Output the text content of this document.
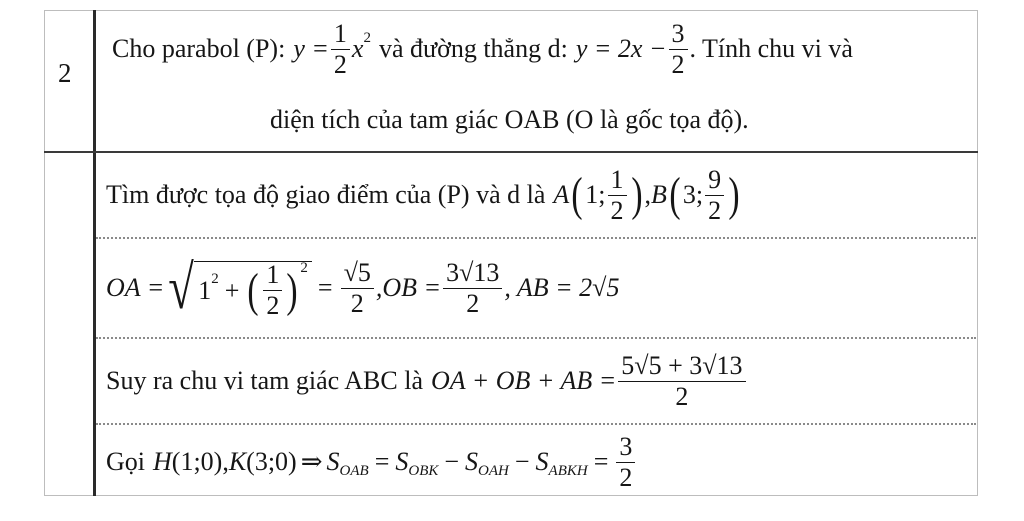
2
Cho parabol (P): $y = \frac{1}{2}$ x 2 và đường thẳng d: $y = 2x - \frac{3}{2}$ . Tính chu vi và
diện tích của tam giác OAB (O là gốc tọa độ).
Tìm được tọa độ giao điểm của (P) và d là A ( 1; $\frac{1}{2}$ ) , B ( 3; $\frac{9}{2}$ )
OA = √ 1 2 + ( $\frac{1}{2}$ ) 2
= $\frac{√5}{2} ,OB = \frac{3√13}{2}$ , AB = 2√5
Suy ra chu vi tam giác ABC là OA + OB + AB = $\frac{5√5 + 3√13}{2}$
Gọi H (1;0), K (3;0) ⇒ S OAB = S OBK − S OAH − S ABKH = $\frac{3}{2}$
